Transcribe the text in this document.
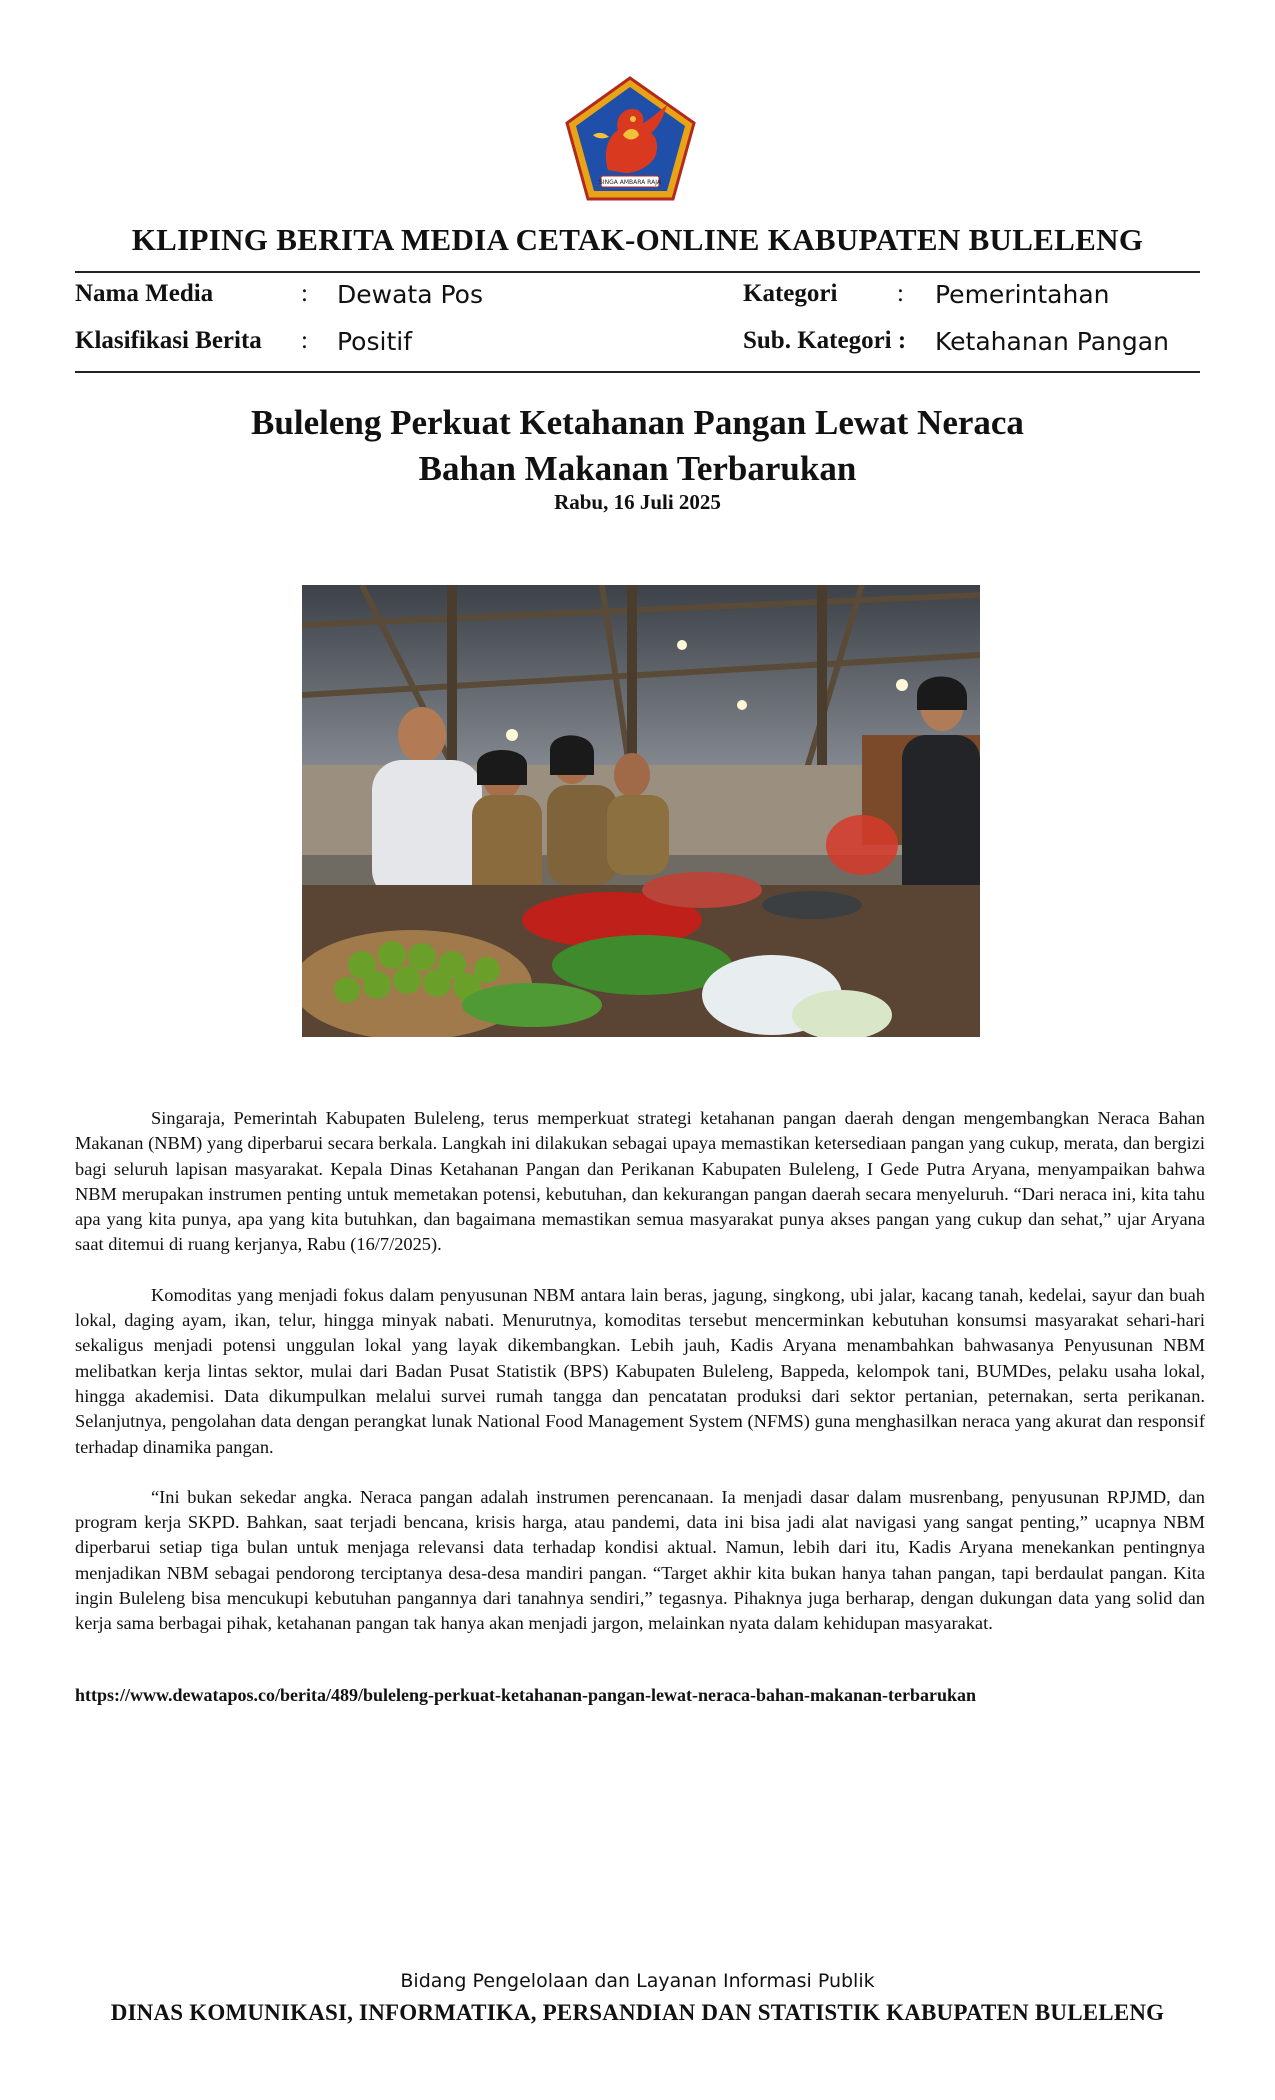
SINGA AMBARA RAJA
KLIPING BERITA MEDIA CETAK-ONLINE KABUPATEN BULELENG
Nama Media	: Dewata Pos	Kategori : Pemerintahan
Klasifikasi Berita : Positif	Sub. Kategori : Ketahanan Pangan
Buleleng Perkuat Ketahanan Pangan Lewat Neraca
Bahan Makanan Terbarukan
Rabu, 16 Juli 2025

Singaraja, Pemerintah Kabupaten Buleleng, terus memperkuat strategi ketahanan pangan daerah dengan mengembangkan Neraca Bahan Makanan (NBM) yang diperbarui secara berkala. Langkah ini dilakukan sebagai upaya memastikan ketersediaan pangan yang cukup, merata, dan bergizi bagi seluruh lapisan masyarakat. Kepala Dinas Ketahanan Pangan dan Perikanan Kabupaten Buleleng, I Gede Putra Aryana, menyampaikan bahwa NBM merupakan instrumen penting untuk memetakan potensi, kebutuhan, dan kekurangan pangan daerah secara menyeluruh. “Dari neraca ini, kita tahu apa yang kita punya, apa yang kita butuhkan, dan bagaimana memastikan semua masyarakat punya akses pangan yang cukup dan sehat,” ujar Aryana saat ditemui di ruang kerjanya, Rabu (16/7/2025).

Komoditas yang menjadi fokus dalam penyusunan NBM antara lain beras, jagung, singkong, ubi jalar, kacang tanah, kedelai, sayur dan buah lokal, daging ayam, ikan, telur, hingga minyak nabati. Menurutnya, komoditas tersebut mencerminkan kebutuhan konsumsi masyarakat sehari-hari sekaligus menjadi potensi unggulan lokal yang layak dikembangkan. Lebih jauh, Kadis Aryana menambahkan bahwasanya Penyusunan NBM melibatkan kerja lintas sektor, mulai dari Badan Pusat Statistik (BPS) Kabupaten Buleleng, Bappeda, kelompok tani, BUMDes, pelaku usaha lokal, hingga akademisi. Data dikumpulkan melalui survei rumah tangga dan pencatatan produksi dari sektor pertanian, peternakan, serta perikanan. Selanjutnya, pengolahan data dengan perangkat lunak National Food Management System (NFMS) guna menghasilkan neraca yang akurat dan responsif terhadap dinamika pangan.

“Ini bukan sekedar angka. Neraca pangan adalah instrumen perencanaan. Ia menjadi dasar dalam musrenbang, penyusunan RPJMD, dan program kerja SKPD. Bahkan, saat terjadi bencana, krisis harga, atau pandemi, data ini bisa jadi alat navigasi yang sangat penting,” ucapnya NBM diperbarui setiap tiga bulan untuk menjaga relevansi data terhadap kondisi aktual. Namun, lebih dari itu, Kadis Aryana menekankan pentingnya menjadikan NBM sebagai pendorong terciptanya desa-desa mandiri pangan. “Target akhir kita bukan hanya tahan pangan, tapi berdaulat pangan. Kita ingin Buleleng bisa mencukupi kebutuhan pangannya dari tanahnya sendiri,” tegasnya. Pihaknya juga berharap, dengan dukungan data yang solid dan kerja sama berbagai pihak, ketahanan pangan tak hanya akan menjadi jargon, melainkan nyata dalam kehidupan masyarakat.

https://www.dewatapos.co/berita/489/buleleng-perkuat-ketahanan-pangan-lewat-neraca-bahan-makanan-terbarukan
Bidang Pengelolaan dan Layanan Informasi Publik
DINAS KOMUNIKASI, INFORMATIKA, PERSANDIAN DAN STATISTIK KABUPATEN BULELENG
